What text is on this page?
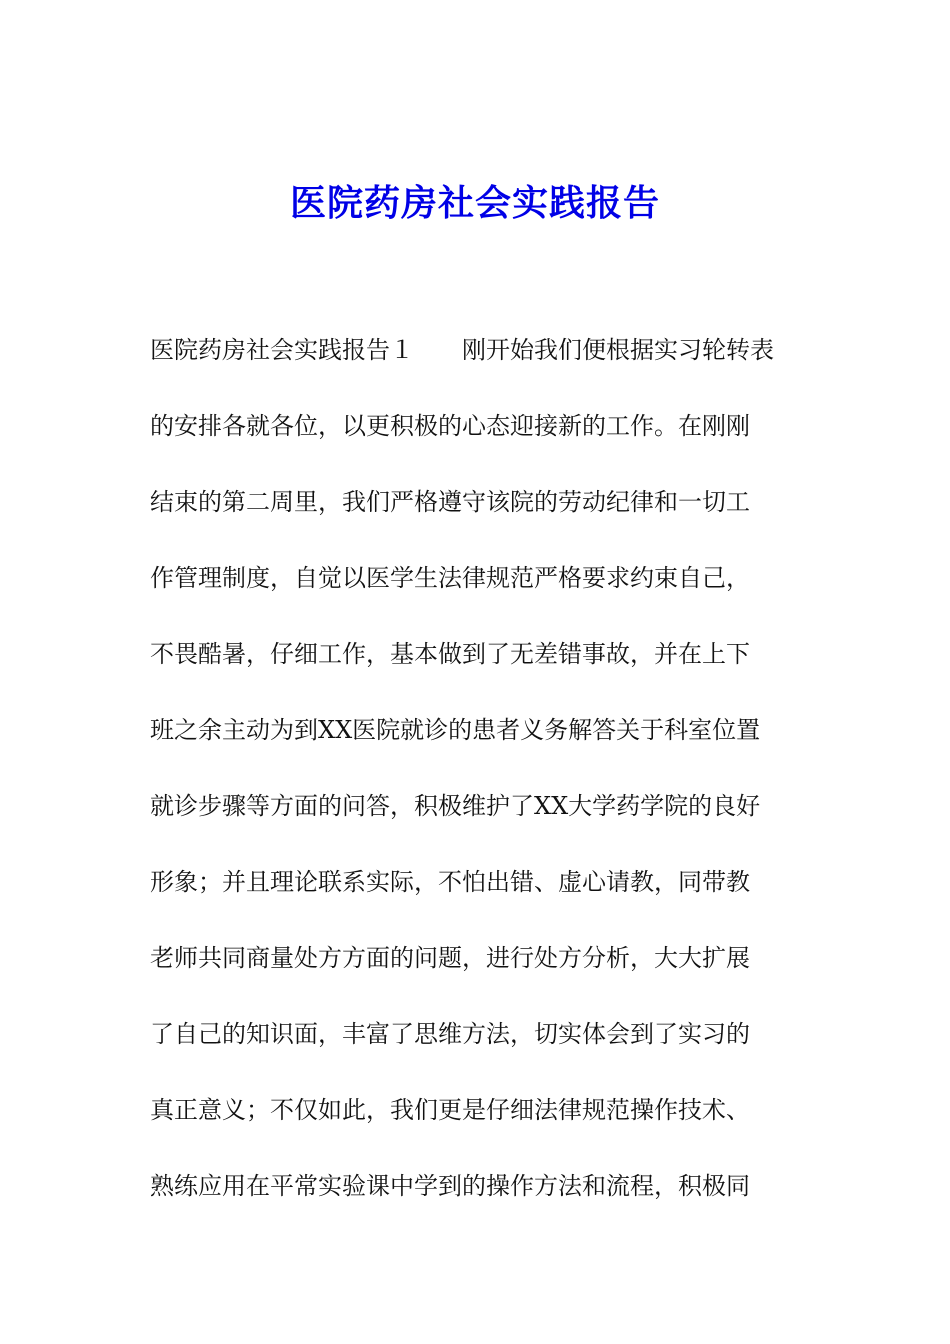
医院药房社会实践报告
医院药房社会实践报告１　　刚开始我们便根据实习轮转表
的安排各就各位，以更积极的心态迎接新的工作。在刚刚
结束的第二周里，我们严格遵守该院的劳动纪律和一切工
作管理制度，自觉以医学生法律规范严格要求约束自己，
不畏酷暑，仔细工作，基本做到了无差错事故，并在上下
班之余主动为到XX医院就诊的患者义务解答关于科室位置
就诊步骤等方面的问答，积极维护了XX大学药学院的良好
形象；并且理论联系实际，不怕出错、虚心请教，同带教
老师共同商量处方方面的问题，进行处方分析，大大扩展
了自己的知识面，丰富了思维方法，切实体会到了实习的
真正意义；不仅如此，我们更是仔细法律规范操作技术、
熟练应用在平常实验课中学到的操作方法和流程，积极同
